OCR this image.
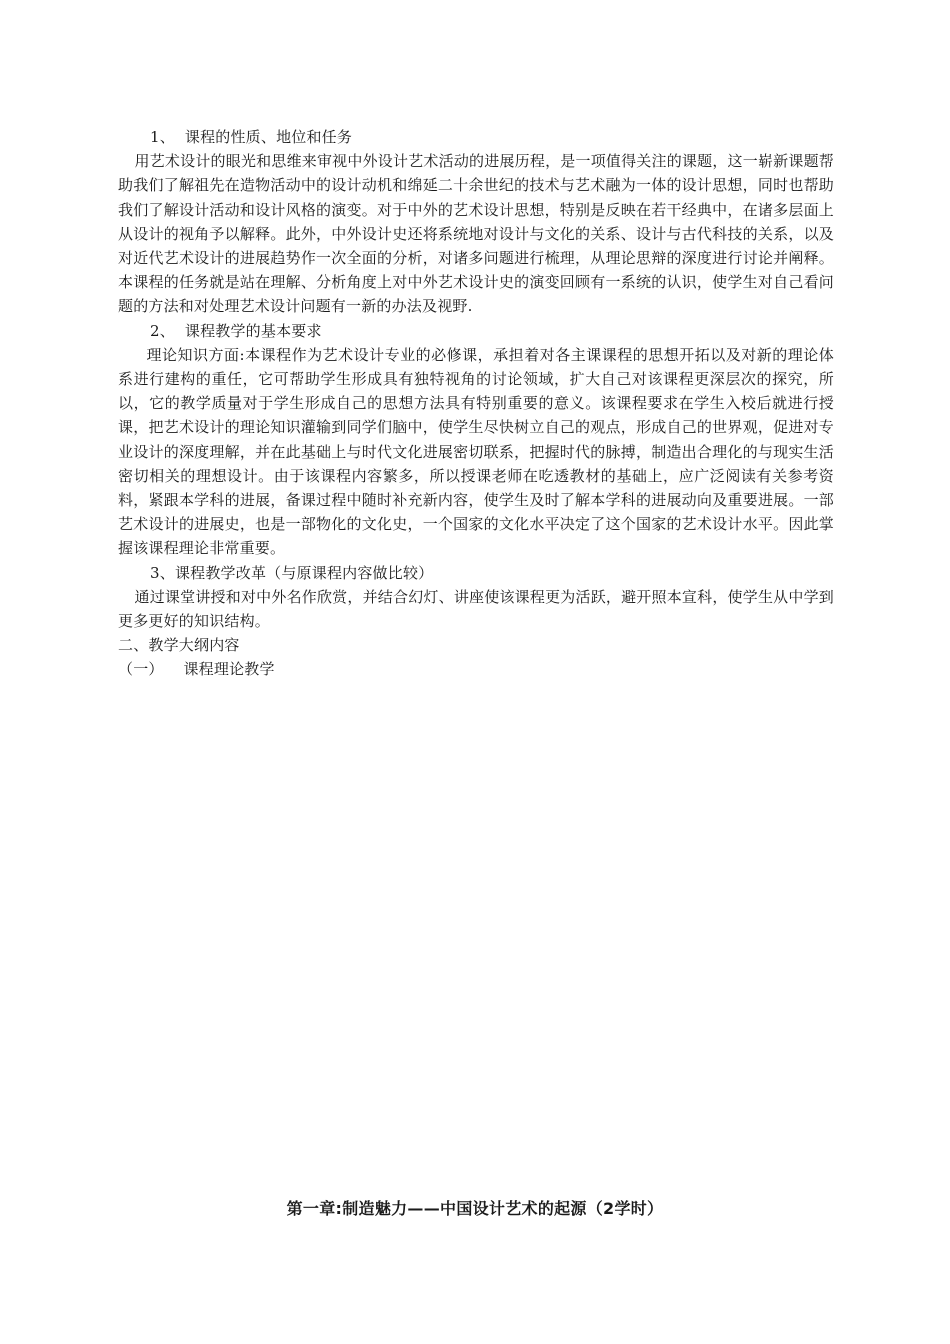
1、  课程的性质、地位和任务

用艺术设计的眼光和思维来审视中外设计艺术活动的进展历程，是一项值得关注的课题，这一崭新课题帮助我们了解祖先在造物活动中的设计动机和绵延二十余世纪的技术与艺术融为一体的设计思想，同时也帮助我们了解设计活动和设计风格的演变。对于中外的艺术设计思想，特别是反映在若干经典中，在诸多层面上从设计的视角予以解释。此外，中外设计史还将系统地对设计与文化的关系、设计与古代科技的关系，以及对近代艺术设计的进展趋势作一次全面的分析，对诸多问题进行梳理，从理论思辩的深度进行讨论并阐释。本课程的任务就是站在理解、分析角度上对中外艺术设计史的演变回顾有一系统的认识，使学生对自己看问题的方法和对处理艺术设计问题有一新的办法及视野.

2、  课程教学的基本要求

理论知识方面:本课程作为艺术设计专业的必修课，承担着对各主课课程的思想开拓以及对新的理论体系进行建构的重任，它可帮助学生形成具有独特视角的讨论领域，扩大自己对该课程更深层次的探究，所以，它的教学质量对于学生形成自己的思想方法具有特别重要的意义。该课程要求在学生入校后就进行授课，把艺术设计的理论知识灌输到同学们脑中，使学生尽快树立自己的观点，形成自己的世界观，促进对专业设计的深度理解，并在此基础上与时代文化进展密切联系，把握时代的脉搏，制造出合理化的与现实生活密切相关的理想设计。由于该课程内容繁多，所以授课老师在吃透教材的基础上，应广泛阅读有关参考资料，紧跟本学科的进展，备课过程中随时补充新内容，使学生及时了解本学科的进展动向及重要进展。一部艺术设计的进展史，也是一部物化的文化史，一个国家的文化水平决定了这个国家的艺术设计水平。因此掌握该课程理论非常重要。

3、课程教学改革（与原课程内容做比较）

通过课堂讲授和对中外名作欣赏，并结合幻灯、讲座使该课程更为活跃，避开照本宣科，使学生从中学到更多更好的知识结构。

二、教学大纲内容

（一）    课程理论教学

第一章:制造魅力——中国设计艺术的起源（2学时）
